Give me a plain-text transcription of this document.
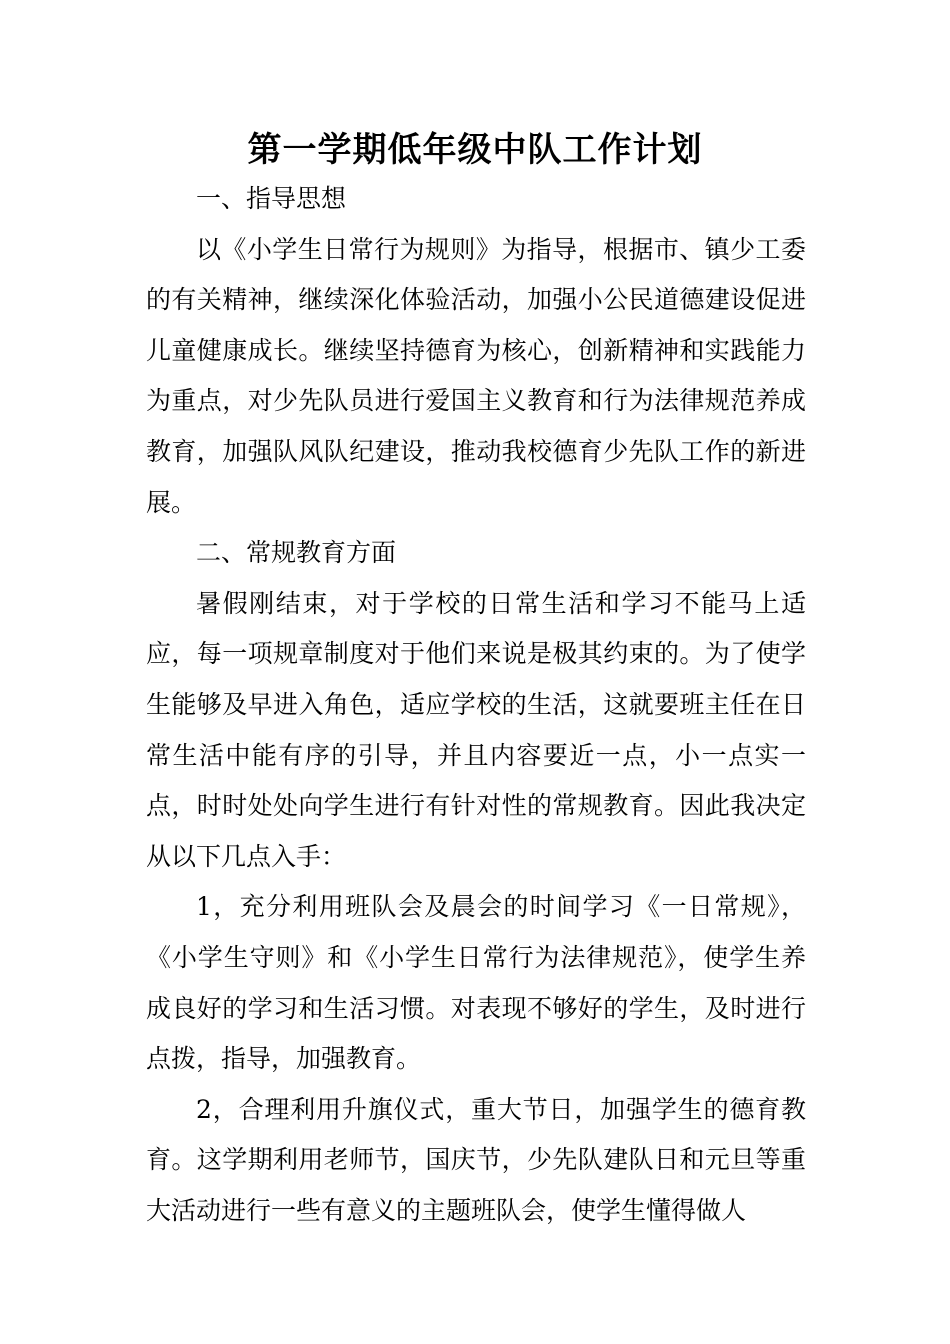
第一学期低年级中队工作计划

一、指导思想

以《小学生日常行为规则》为指导，根据市、镇少工委的有关精神，继续深化体验活动，加强小公民道德建设促进儿童健康成长。继续坚持德育为核心，创新精神和实践能力为重点，对少先队员进行爱国主义教育和行为法律规范养成教育，加强队风队纪建设，推动我校德育少先队工作的新进展。

二、常规教育方面

暑假刚结束，对于学校的日常生活和学习不能马上适应，每一项规章制度对于他们来说是极其约束的。为了使学生能够及早进入角色，适应学校的生活，这就要班主任在日常生活中能有序的引导，并且内容要近一点，小一点实一点，时时处处向学生进行有针对性的常规教育。因此我决定从以下几点入手：

1，充分利用班队会及晨会的时间学习《一日常规》，《小学生守则》和《小学生日常行为法律规范》，使学生养成良好的学习和生活习惯。对表现不够好的学生，及时进行点拨，指导，加强教育。

2，合理利用升旗仪式，重大节日，加强学生的德育教育。这学期利用老师节，国庆节，少先队建队日和元旦等重大活动进行一些有意义的主题班队会，使学生懂得做人
